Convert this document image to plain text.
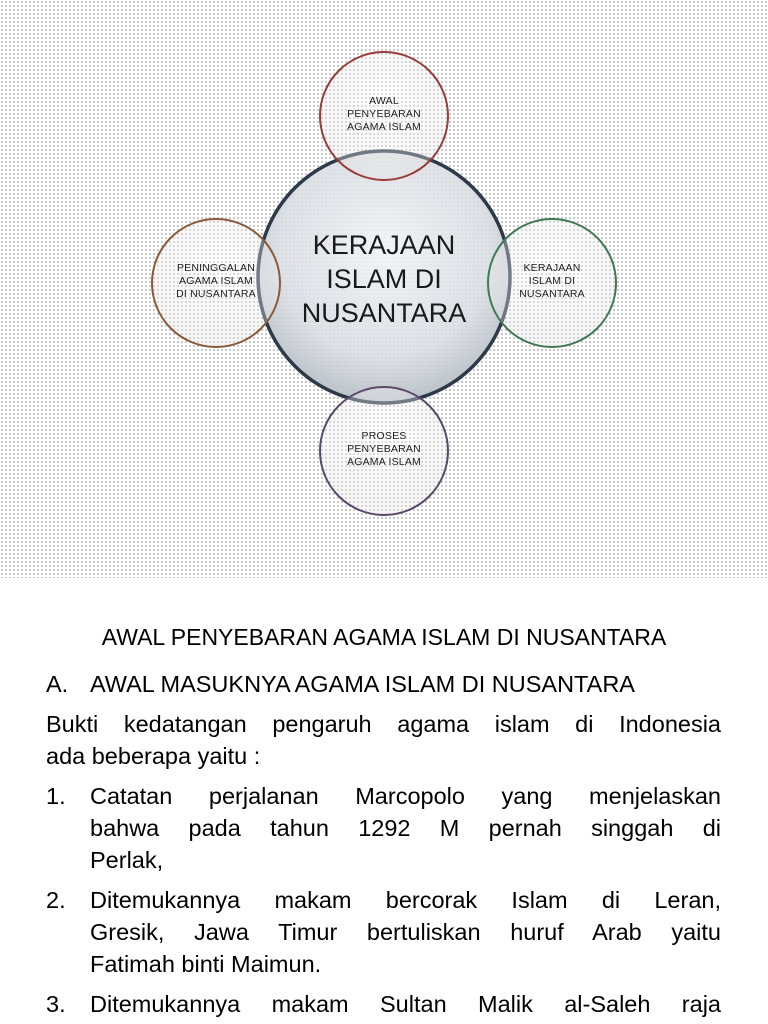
KERAJAAN
ISLAM DI
NUSANTARA
AWAL
PENYEBARAN
AGAMA ISLAM
PENINGGALAN
AGAMA ISLAM
DI NUSANTARA
KERAJAAN
ISLAM DI
NUSANTARA
PROSES
PENYEBARAN
AGAMA ISLAM
AWAL PENYEBARAN AGAMA ISLAM DI NUSANTARA
A. AWAL MASUKNYA AGAMA ISLAM DI NUSANTARA
Bukti kedatangan pengaruh agama islam di Indonesia
ada beberapa yaitu :
1. Catatan perjalanan Marcopolo yang menjelaskan
bahwa pada tahun 1292 M pernah singgah di
Perlak,
2. Ditemukannya makam bercorak Islam di Leran,
Gresik, Jawa Timur bertuliskan huruf Arab yaitu
Fatimah binti Maimun.
3. Ditemukannya makam Sultan Malik al-Saleh raja
